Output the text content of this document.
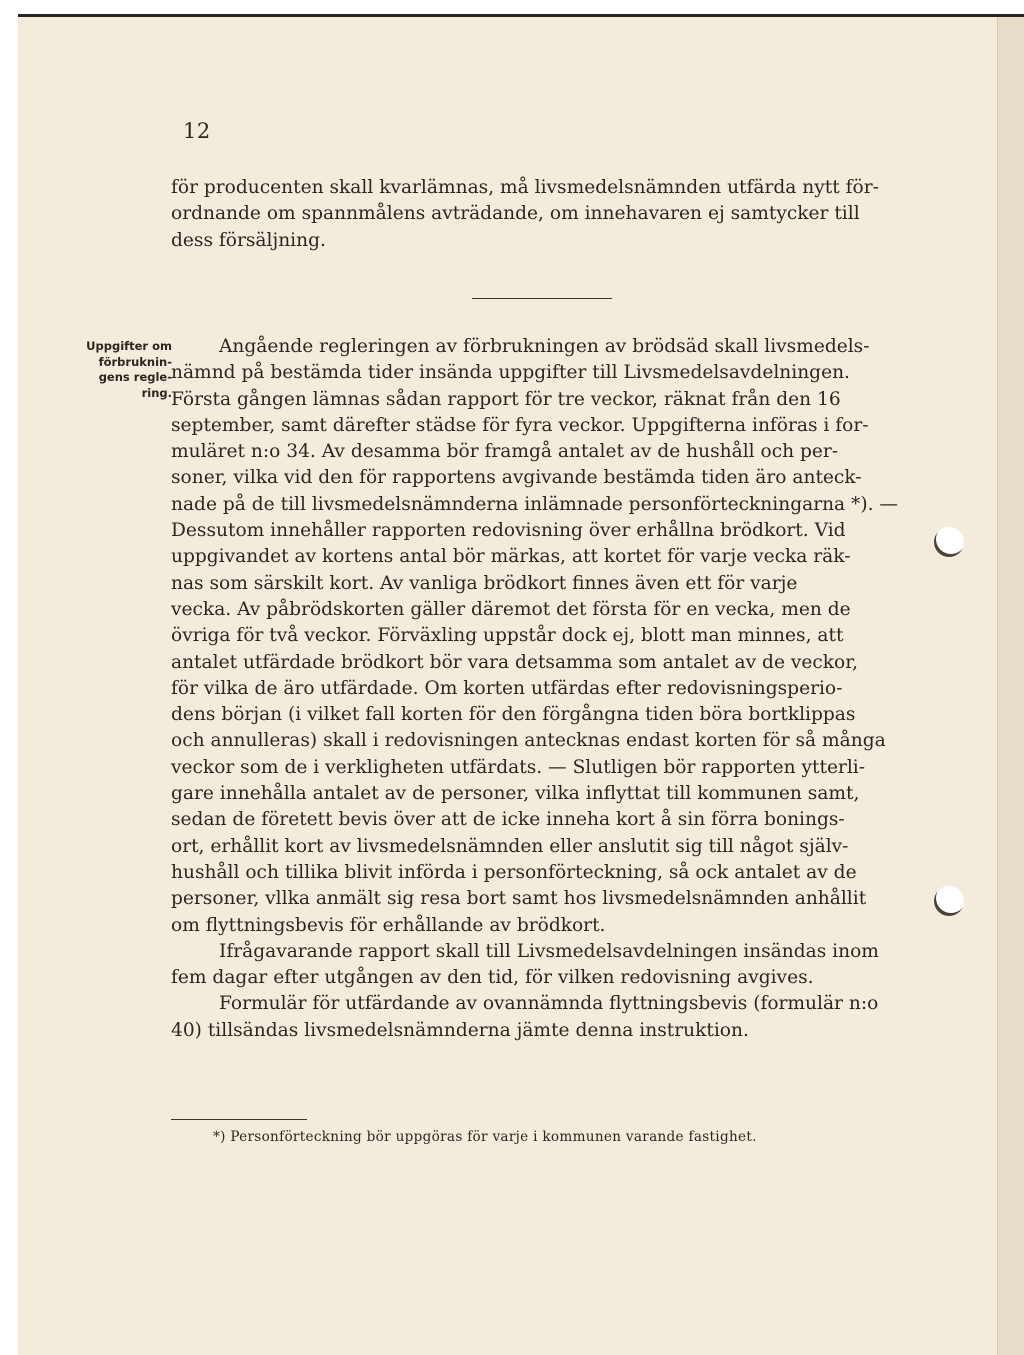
12

för producenten skall kvarlämnas, må livsmedelsnämnden utfärda nytt för-

ordnande om spannmålens avträdande, om innehavaren ej samtycker till

dess försäljning.

Uppgifter om
förbruknin-
gens regle-
ring.

Angående regleringen av förbrukningen av brödsäd skall livsmedels-

nämnd på bestämda tider insända uppgifter till Livsmedelsavdelningen.

Första gången lämnas sådan rapport för tre veckor, räknat från den 16

september, samt därefter städse för fyra veckor. Uppgifterna införas i for-

muläret n:o 34. Av desamma bör framgå antalet av de hushåll och per-

soner, vilka vid den för rapportens avgivande bestämda tiden äro anteck-

nade på de till livsmedelsnämnderna inlämnade personförteckningarna *). —

Dessutom innehåller rapporten redovisning över erhållna brödkort. Vid

uppgivandet av kortens antal bör märkas, att kortet för varje vecka räk-

nas som särskilt kort. Av vanliga brödkort finnes även ett för varje

vecka. Av påbrödskorten gäller däremot det första för en vecka, men de

övriga för två veckor. Förväxling uppstår dock ej, blott man minnes, att

antalet utfärdade brödkort bör vara detsamma som antalet av de veckor,

för vilka de äro utfärdade. Om korten utfärdas efter redovisningsperio-

dens början (i vilket fall korten för den förgångna tiden böra bortklippas

och annulleras) skall i redovisningen antecknas endast korten för så många

veckor som de i verkligheten utfärdats. — Slutligen bör rapporten ytterli-

gare innehålla antalet av de personer, vilka inflyttat till kommunen samt,

sedan de företett bevis över att de icke inneha kort å sin förra bonings-

ort, erhållit kort av livsmedelsnämnden eller anslutit sig till något själv-

hushåll och tillika blivit införda i personförteckning, så ock antalet av de

personer, vllka anmält sig resa bort samt hos livsmedelsnämnden anhållit

om flyttningsbevis för erhållande av brödkort.

Ifrågavarande rapport skall till Livsmedelsavdelningen insändas inom

fem dagar efter utgången av den tid, för vilken redovisning avgives.

Formulär för utfärdande av ovannämnda flyttningsbevis (formulär n:o

40) tillsändas livsmedelsnämnderna jämte denna instruktion.

*) Personförteckning bör uppgöras för varje i kommunen varande fastighet.
